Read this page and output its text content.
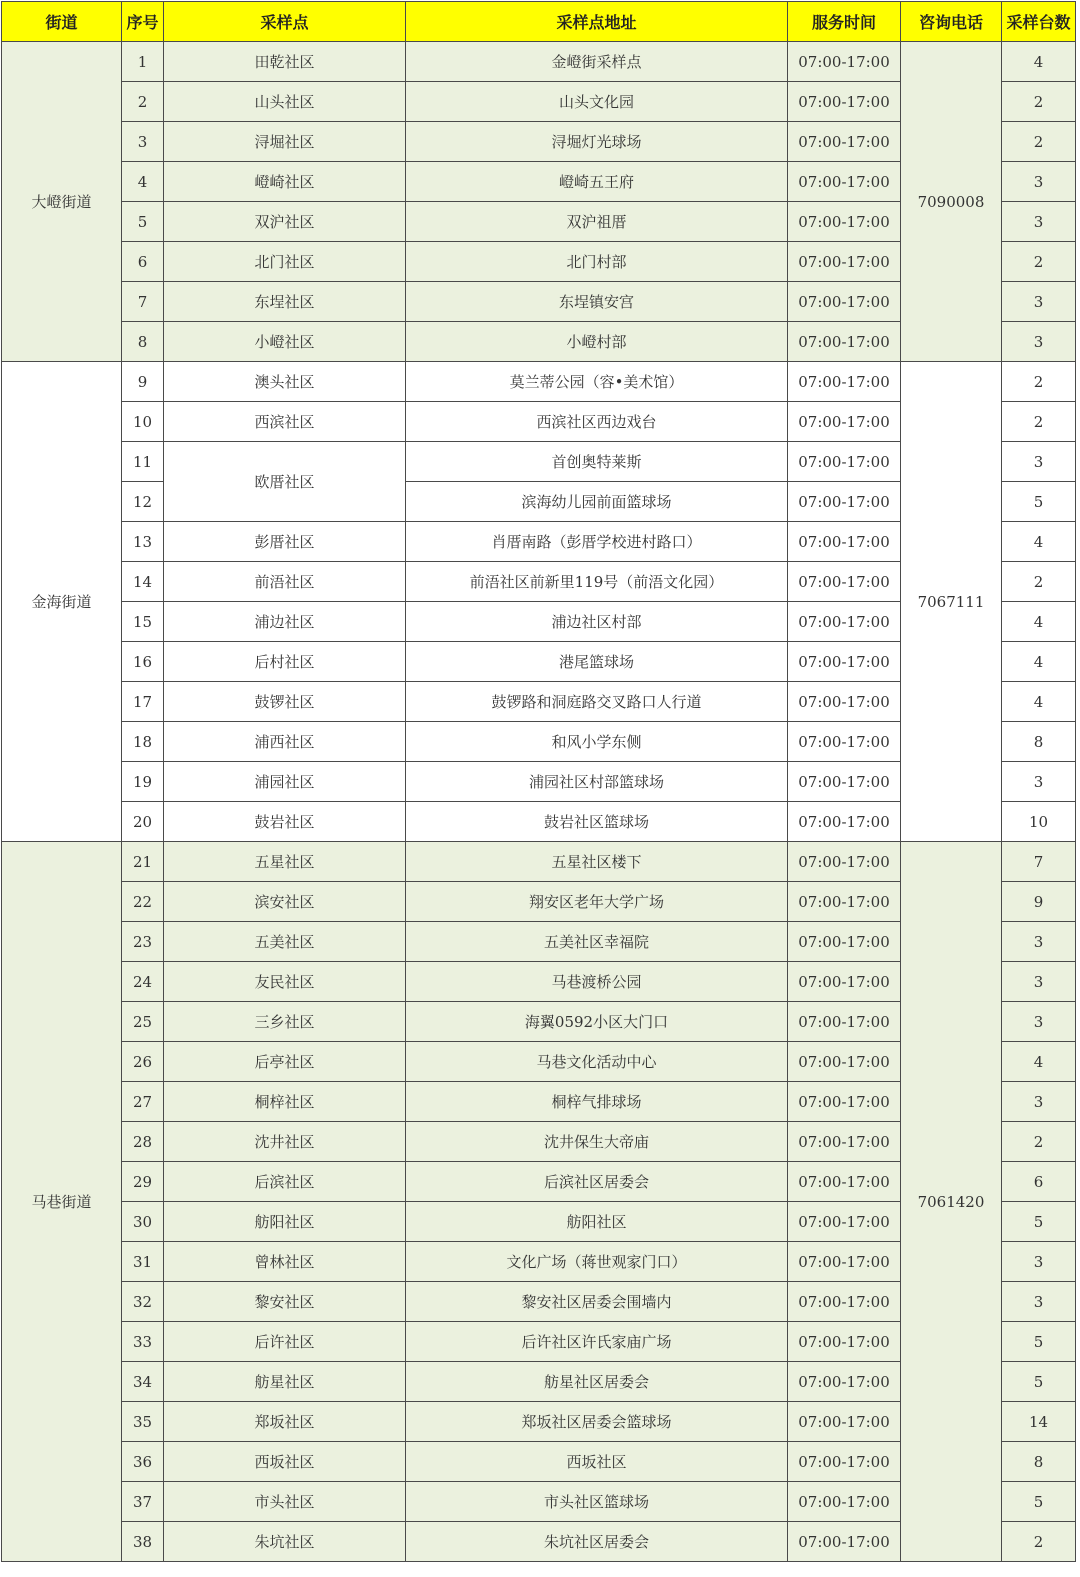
街道	序号	采样点	采样点地址	服务时间	咨询电话	采样台数
大嶝街道	1	田乾社区	金嶝街采样点	07:00-17:00	7090008	4
	2	山头社区	山头文化园	07:00-17:00		2
	3	浔堀社区	浔堀灯光球场	07:00-17:00		2
	4	嶝崎社区	嶝崎五王府	07:00-17:00		3
	5	双沪社区	双沪祖厝	07:00-17:00		3
	6	北门社区	北门村部	07:00-17:00		2
	7	东埕社区	东埕镇安宫	07:00-17:00		3
	8	小嶝社区	小嶝村部	07:00-17:00		3
金海街道	9	澳头社区	莫兰蒂公园（容•美术馆）	07:00-17:00	7067111	2
	10	西滨社区	西滨社区西边戏台	07:00-17:00		2
	11	欧厝社区	首创奥特莱斯	07:00-17:00		3
	12		滨海幼儿园前面篮球场	07:00-17:00		5
	13	彭厝社区	肖厝南路（彭厝学校进村路口）	07:00-17:00		4
	14	前浯社区	前浯社区前新里119号（前浯文化园）	07:00-17:00		2
	15	浦边社区	浦边社区村部	07:00-17:00		4
	16	后村社区	港尾篮球场	07:00-17:00		4
	17	鼓锣社区	鼓锣路和洞庭路交叉路口人行道	07:00-17:00		4
	18	浦西社区	和风小学东侧	07:00-17:00		8
	19	浦园社区	浦园社区村部篮球场	07:00-17:00		3
	20	鼓岩社区	鼓岩社区篮球场	07:00-17:00		10
马巷街道	21	五星社区	五星社区楼下	07:00-17:00	7061420	7
	22	滨安社区	翔安区老年大学广场	07:00-17:00		9
	23	五美社区	五美社区幸福院	07:00-17:00		3
	24	友民社区	马巷渡桥公园	07:00-17:00		3
	25	三乡社区	海翼0592小区大门口	07:00-17:00		3
	26	后亭社区	马巷文化活动中心	07:00-17:00		4
	27	桐梓社区	桐梓气排球场	07:00-17:00		3
	28	沈井社区	沈井保生大帝庙	07:00-17:00		2
	29	后滨社区	后滨社区居委会	07:00-17:00		6
	30	舫阳社区	舫阳社区	07:00-17:00		5
	31	曾林社区	文化广场（蒋世观家门口）	07:00-17:00		3
	32	黎安社区	黎安社区居委会围墙内	07:00-17:00		3
	33	后许社区	后许社区许氏家庙广场	07:00-17:00		5
	34	舫星社区	舫星社区居委会	07:00-17:00		5
	35	郑坂社区	郑坂社区居委会篮球场	07:00-17:00		14
	36	西坂社区	西坂社区	07:00-17:00		8
	37	市头社区	市头社区篮球场	07:00-17:00		5
	38	朱坑社区	朱坑社区居委会	07:00-17:00		2
